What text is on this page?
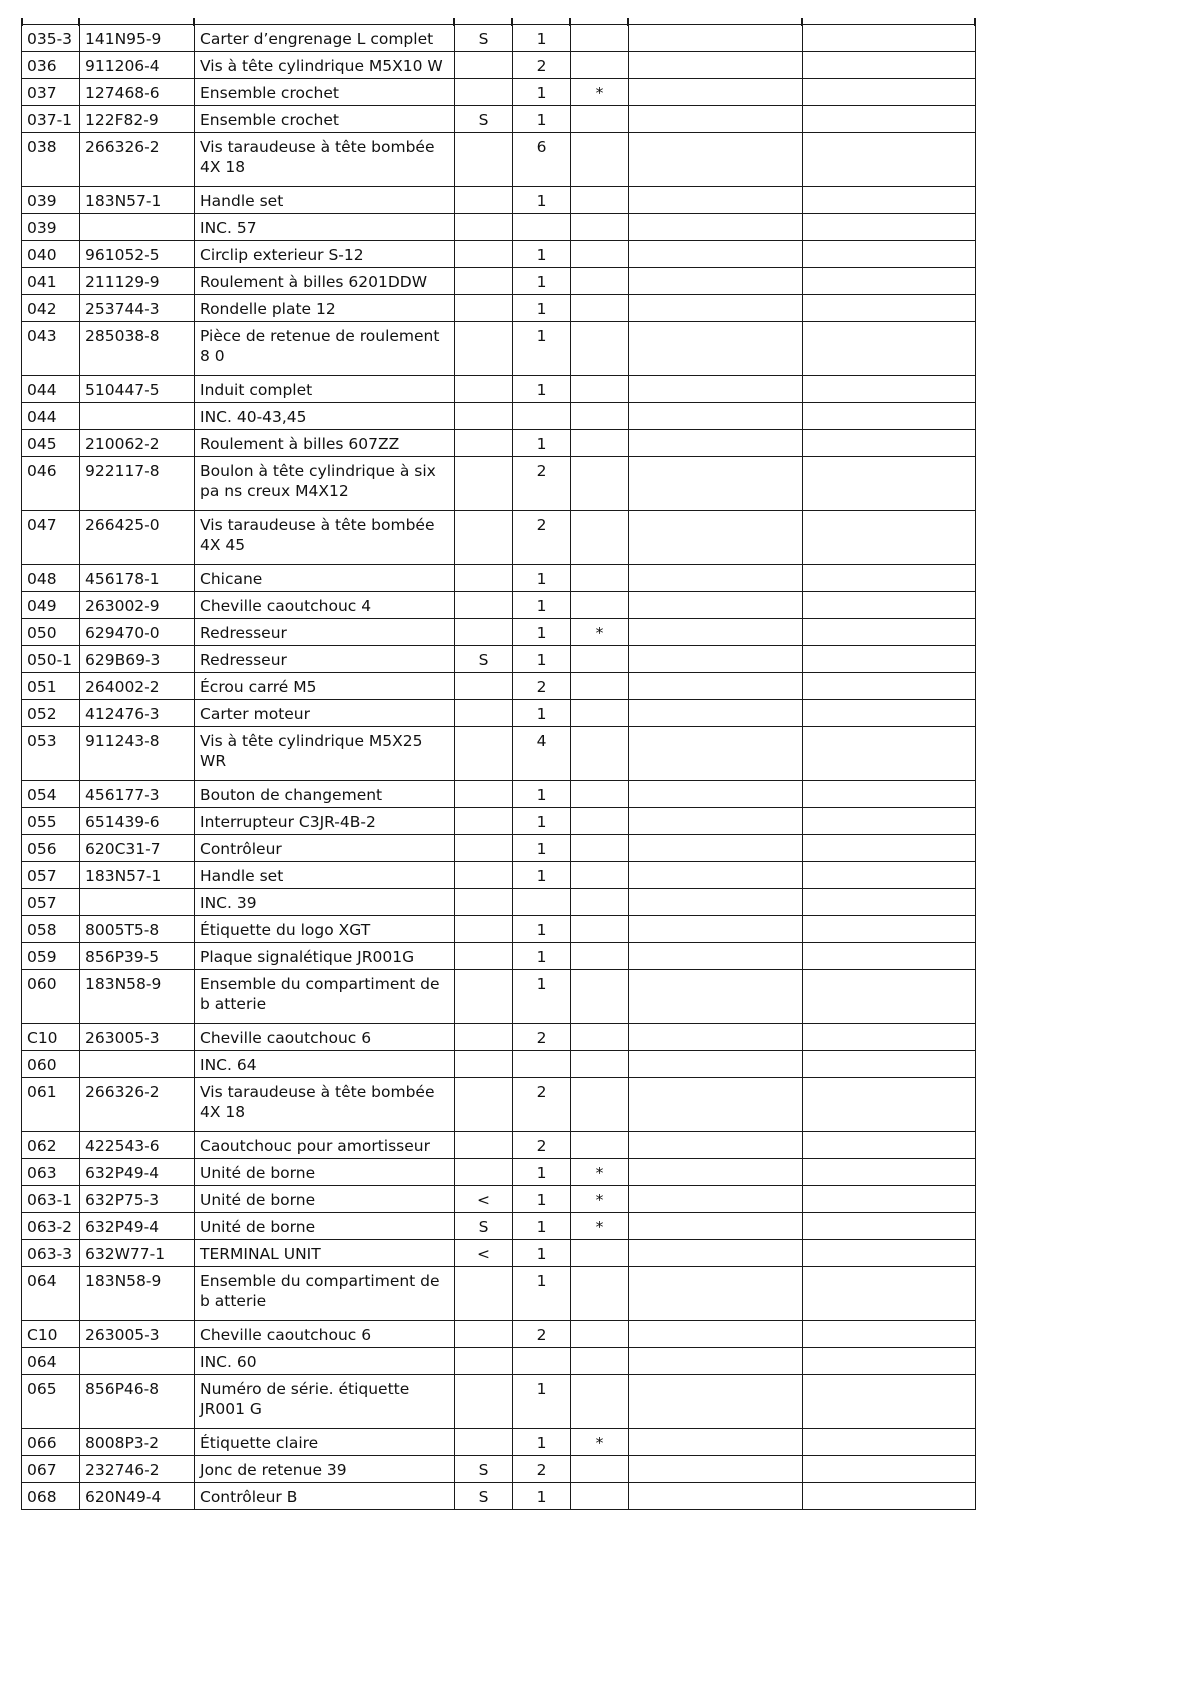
035-3	141N95-9	Carter d’engrenage L complet	S	1			
036	911206-4	Vis à tête cylindrique M5X10 W		2			
037	127468-6	Ensemble crochet		1	*		
037-1	122F82-9	Ensemble crochet	S	1			
038	266326-2	Vis taraudeuse à tête bombée 4X 18		6			
039	183N57-1	Handle set		1			
039		INC. 57					
040	961052-5	Circlip exterieur S-12		1			
041	211129-9	Roulement à billes 6201DDW		1			
042	253744-3	Rondelle plate 12		1			
043	285038-8	Pièce de retenue de roulement 8 0		1			
044	510447-5	Induit complet		1			
044		INC. 40-43,45					
045	210062-2	Roulement à billes 607ZZ		1			
046	922117-8	Boulon à tête cylindrique à six pa ns creux M4X12		2			
047	266425-0	Vis taraudeuse à tête bombée 4X 45		2			
048	456178-1	Chicane		1			
049	263002-9	Cheville caoutchouc 4		1			
050	629470-0	Redresseur		1	*		
050-1	629B69-3	Redresseur	S	1			
051	264002-2	Écrou carré M5		2			
052	412476-3	Carter moteur		1			
053	911243-8	Vis à tête cylindrique M5X25 WR		4			
054	456177-3	Bouton de changement		1			
055	651439-6	Interrupteur C3JR-4B-2		1			
056	620C31-7	Contrôleur		1			
057	183N57-1	Handle set		1			
057		INC. 39					
058	8005T5-8	Étiquette du logo XGT		1			
059	856P39-5	Plaque signalétique JR001G		1			
060	183N58-9	Ensemble du compartiment de b atterie		1			
C10	263005-3	Cheville caoutchouc 6		2			
060		INC. 64					
061	266326-2	Vis taraudeuse à tête bombée 4X 18		2			
062	422543-6	Caoutchouc pour amortisseur		2			
063	632P49-4	Unité de borne		1	*		
063-1	632P75-3	Unité de borne	<	1	*		
063-2	632P49-4	Unité de borne	S	1	*		
063-3	632W77-1	TERMINAL UNIT	<	1			
064	183N58-9	Ensemble du compartiment de b atterie		1			
C10	263005-3	Cheville caoutchouc 6		2			
064		INC. 60					
065	856P46-8	Numéro de série. étiquette JR001 G		1			
066	8008P3-2	Étiquette claire		1	*		
067	232746-2	Jonc de retenue 39	S	2			
068	620N49-4	Contrôleur B	S	1			
